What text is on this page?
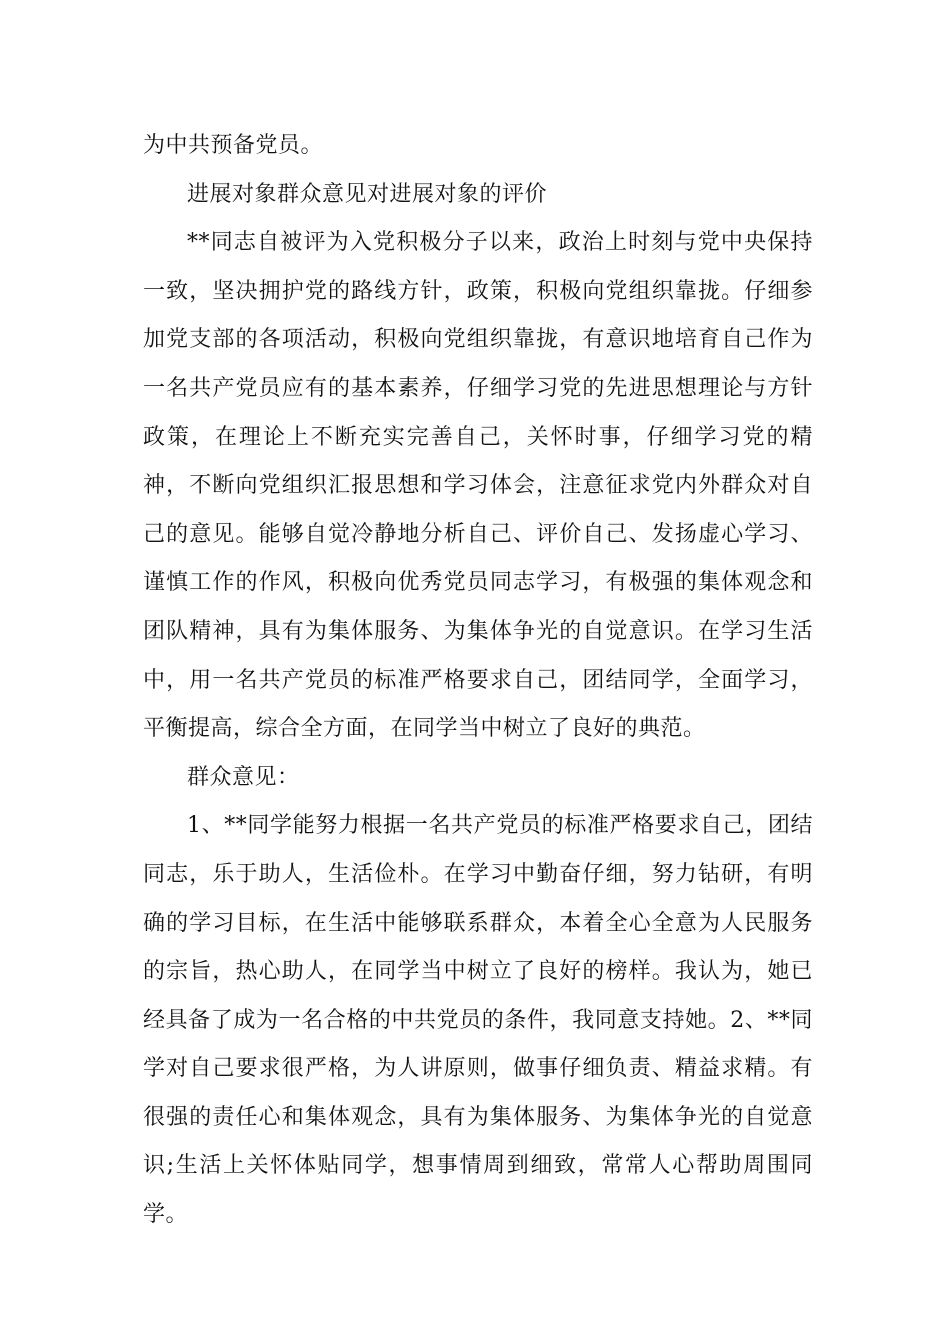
为中共预备党员。

进展对象群众意见对进展对象的评价

**同志自被评为入党积极分子以来，政治上时刻与党中央保持一致，坚决拥护党的路线方针，政策，积极向党组织靠拢。仔细参加党支部的各项活动，积极向党组织靠拢，有意识地培育自己作为一名共产党员应有的基本素养，仔细学习党的先进思想理论与方针政策，在理论上不断充实完善自己，关怀时事，仔细学习党的精神，不断向党组织汇报思想和学习体会，注意征求党内外群众对自己的意见。能够自觉冷静地分析自己、评价自己、发扬虚心学习、谨慎工作的作风，积极向优秀党员同志学习，有极强的集体观念和团队精神，具有为集体服务、为集体争光的自觉意识。在学习生活中，用一名共产党员的标准严格要求自己，团结同学，全面学习，平衡提高，综合全方面，在同学当中树立了良好的典范。

群众意见：

1、**同学能努力根据一名共产党员的标准严格要求自己，团结同志，乐于助人，生活俭朴。在学习中勤奋仔细，努力钻研，有明确的学习目标，在生活中能够联系群众，本着全心全意为人民服务的宗旨，热心助人，在同学当中树立了良好的榜样。我认为，她已经具备了成为一名合格的中共党员的条件，我同意支持她。2、**同学对自己要求很严格，为人讲原则，做事仔细负责、精益求精。有很强的责任心和集体观念，具有为集体服务、为集体争光的自觉意识;生活上关怀体贴同学，想事情周到细致，常常人心帮助周围同学。
